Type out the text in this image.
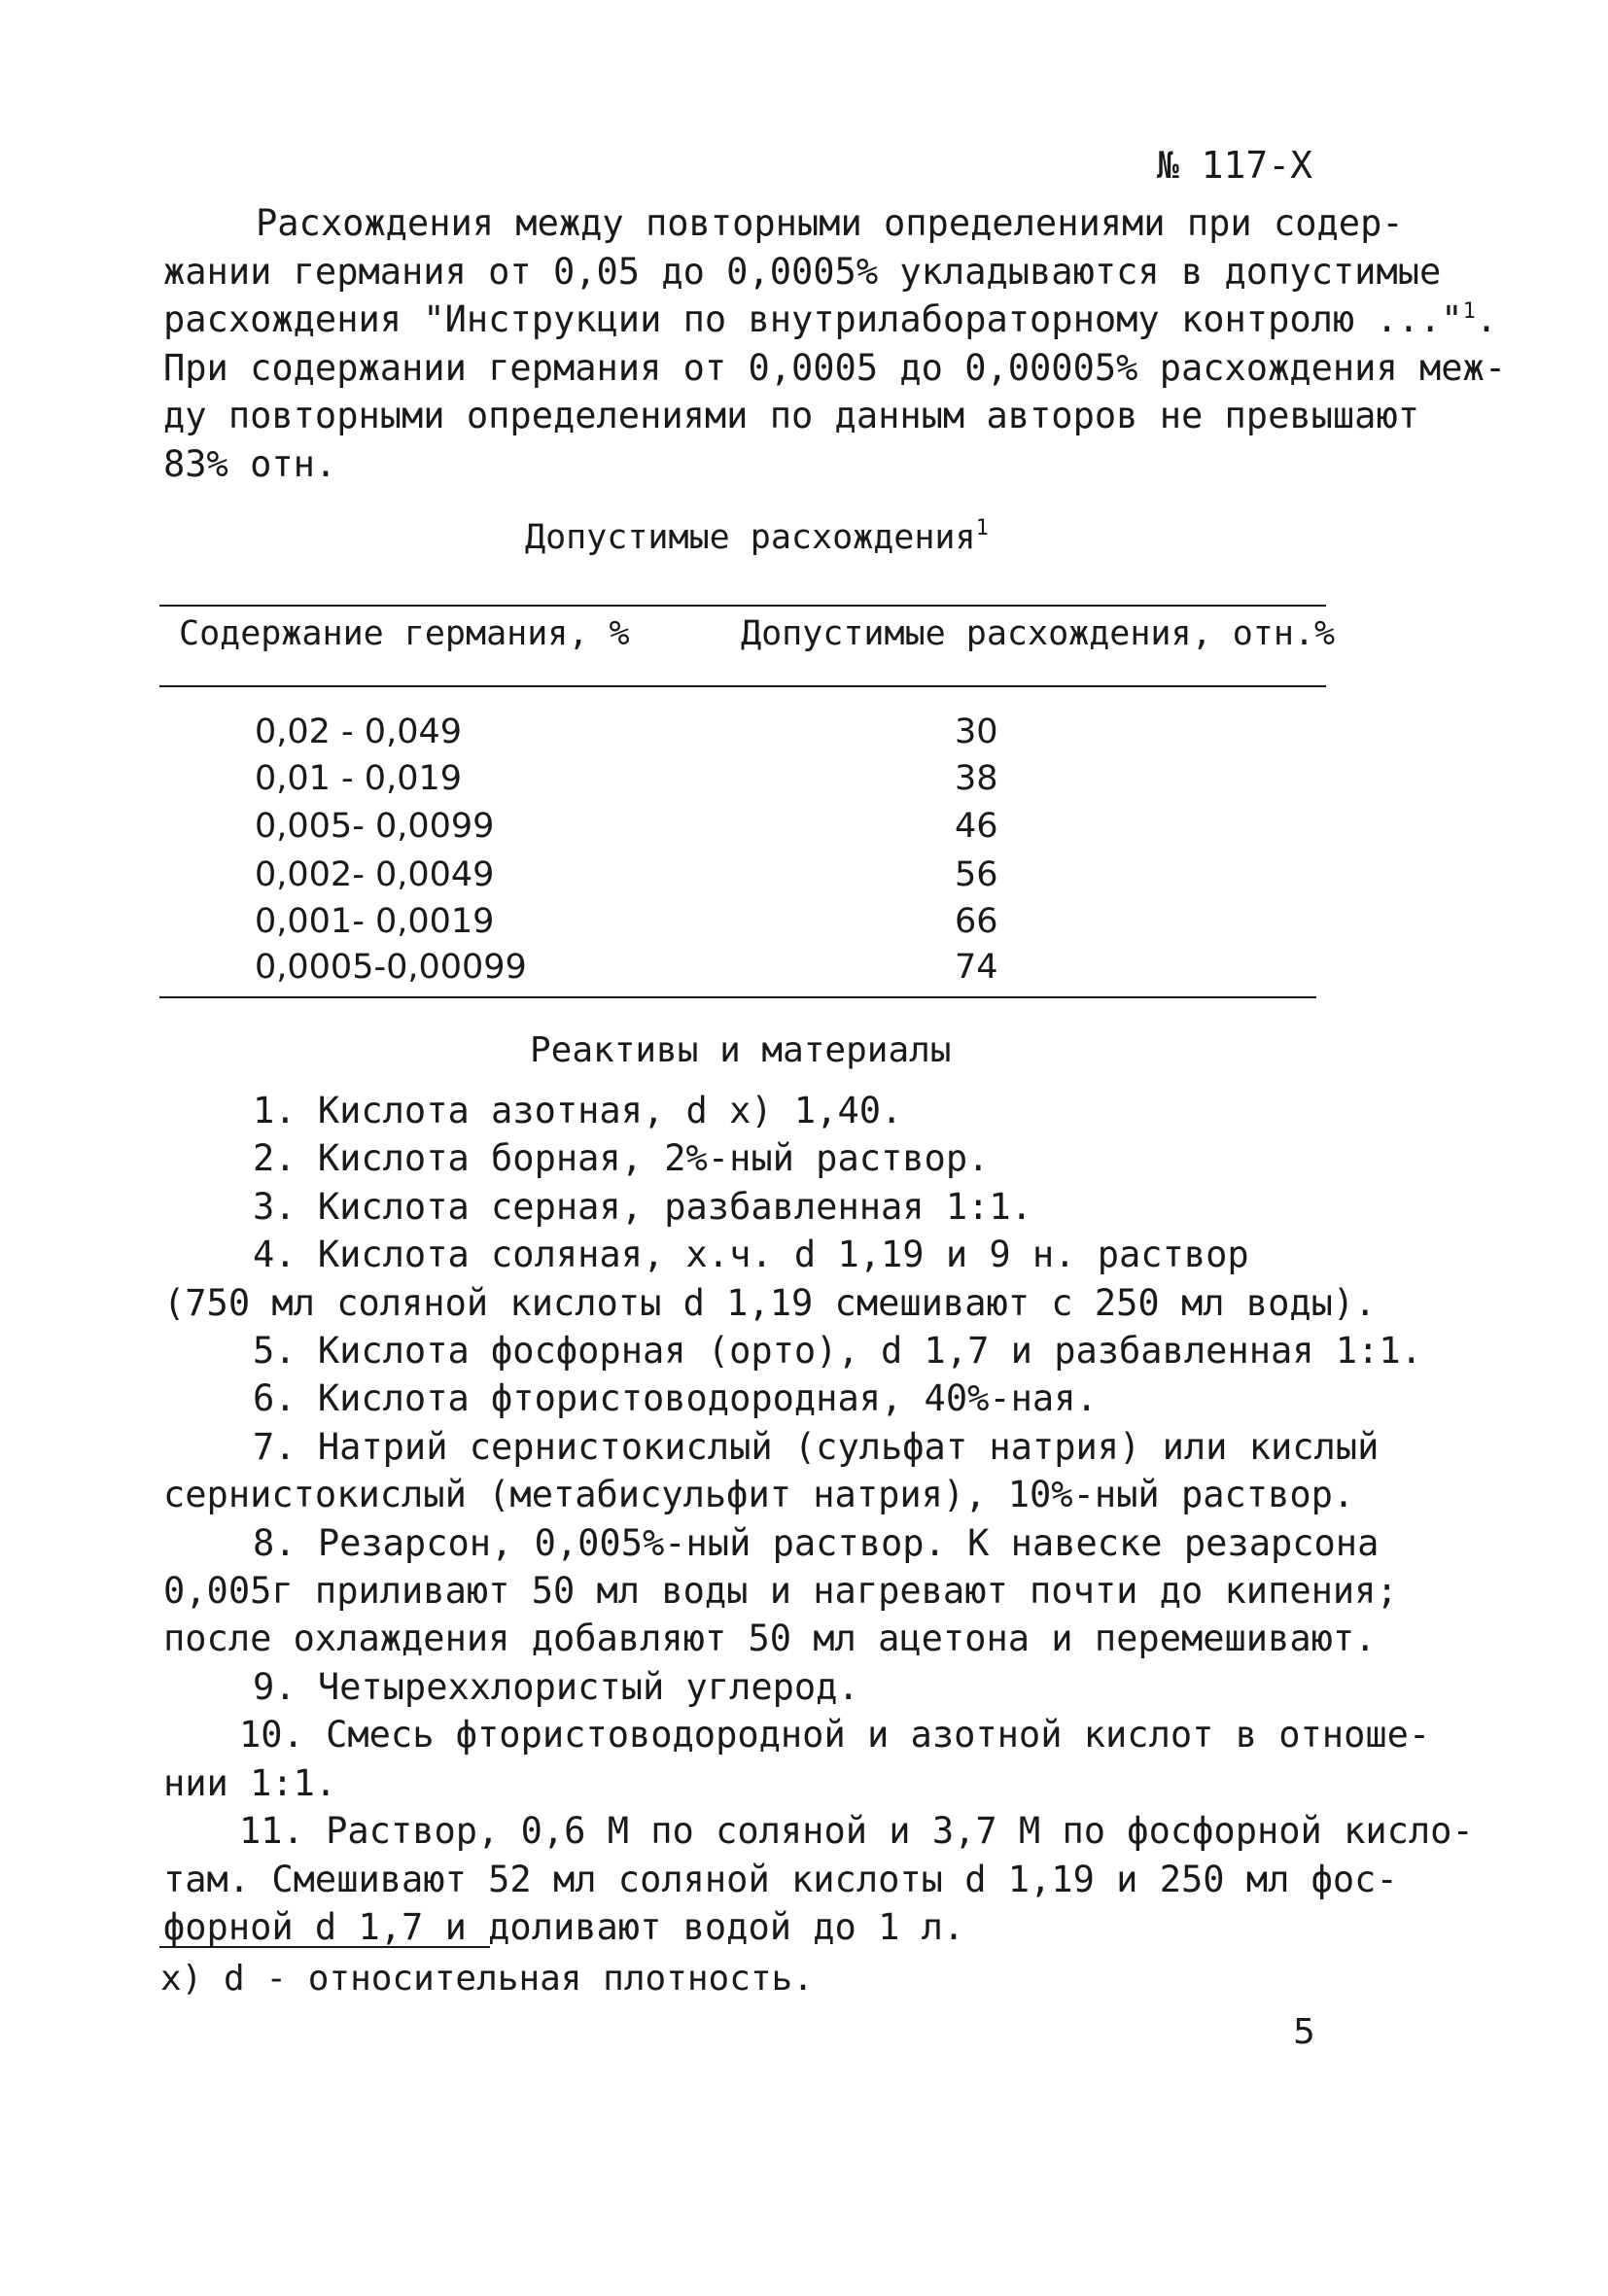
№ 117-Х
Расхождения между повторными определениями при содер-
жании германия от 0,05 до 0,0005% укладываются в допустимые
расхождения "Инструкции по внутрилабораторному контролю ..."$^1$.
При содержании германия от 0,0005 до 0,00005% расхождения меж-
ду повторными определениями по данным авторов не превышают
83% отн.
Допустимые расхождения$^1$
Содержание германия, %	Допустимые расхождения, отн.%
0,02 - 0,049	30
0,01 - 0,019	38
0,005- 0,0099	46
0,002- 0,0049	56
0,001- 0,0019	66
0,0005-0,00099	74
Реактивы и материалы
1. Кислота азотная, d x) 1,40.
2. Кислота борная, 2%-ный раствор.
3. Кислота серная, разбавленная 1:1.
4. Кислота соляная, х.ч. d 1,19 и 9 н. раствор
(750 мл соляной кислоты d 1,19 смешивают с 250 мл воды).
5. Кислота фосфорная (орто), d 1,7 и разбавленная 1:1.
6. Кислота фтористоводородная, 40%-ная.
7. Натрий сернистокислый (сульфат натрия) или кислый
сернистокислый (метабисульфит натрия), 10%-ный раствор.
8. Резарсон, 0,005%-ный раствор. К навеске резарсона
0,005г приливают 50 мл воды и нагревают почти до кипения;
после охлаждения добавляют 50 мл ацетона и перемешивают.
9. Четыреххлористый углерод.
10. Смесь фтористоводородной и азотной кислот в отноше-
нии 1:1.
11. Раствор, 0,6 М по соляной и 3,7 М по фосфорной кисло-
там. Смешивают 52 мл соляной кислоты d 1,19 и 250 мл фос-
форной d 1,7 и доливают водой до 1 л.
х) d - относительная плотность.
5
